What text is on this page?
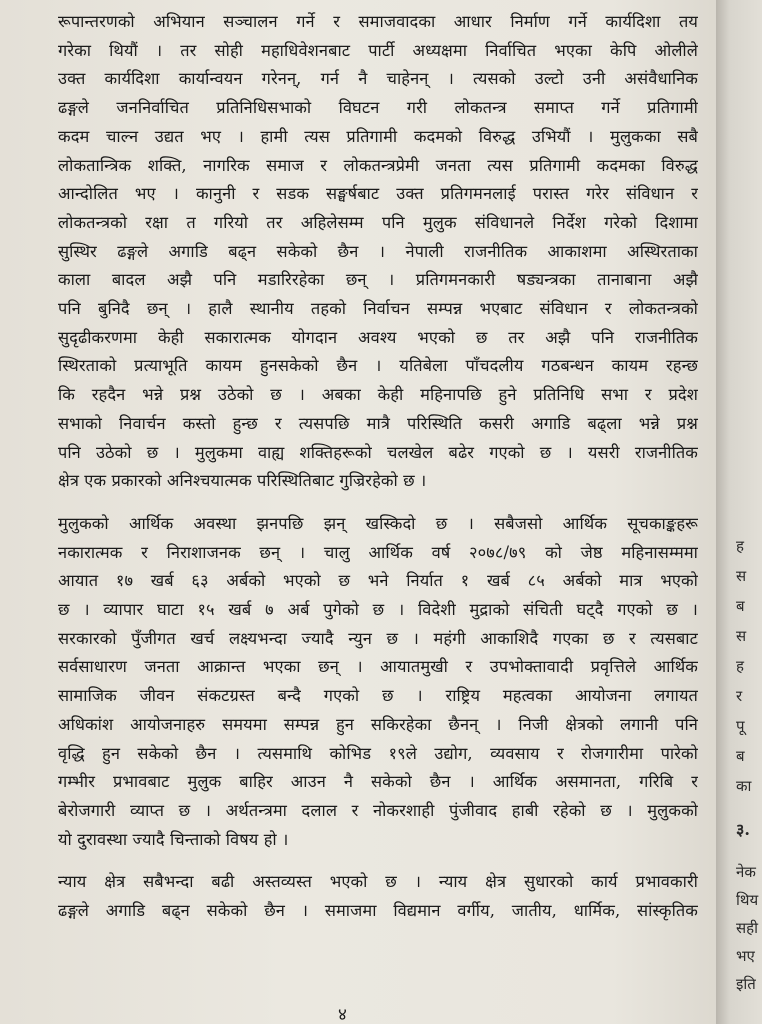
रूपान्तरणको अभियान सञ्चालन गर्ने र समाजवादका आधार निर्माण गर्ने कार्यदिशा तय
गरेका थियौं । तर सोही महाधिवेशनबाट पार्टी अध्यक्षमा निर्वाचित भएका केपि ओलीले
उक्त कार्यदिशा कार्यान्वयन गरेनन्, गर्न नै चाहेनन् । त्यसको उल्टो उनी असंवैधानिक
ढङ्गले जननिर्वाचित प्रतिनिधिसभाको विघटन गरी लोकतन्त्र समाप्त गर्ने प्रतिगामी
कदम चाल्न उद्यत भए । हामी त्यस प्रतिगामी कदमको विरुद्ध उभियौं । मुलुकका सबै
लोकतान्त्रिक शक्ति, नागरिक समाज र लोकतन्त्रप्रेमी जनता त्यस प्रतिगामी कदमका विरुद्ध
आन्दोलित भए । कानुनी र सडक सङ्घर्षबाट उक्त प्रतिगमनलाई परास्त गरेर संविधान र
लोकतन्त्रको रक्षा त गरियो तर अहिलेसम्म पनि मुलुक संविधानले निर्देश गरेको दिशामा
सुस्थिर ढङ्गले अगाडि बढ्न सकेको छैन । नेपाली राजनीतिक आकाशमा अस्थिरताका
काला बादल अझै पनि मडारिरहेका छन् । प्रतिगमनकारी षड्यन्त्रका तानाबाना अझै
पनि बुनिदै छन् । हालै स्थानीय तहको निर्वाचन सम्पन्न भएबाट संविधान र लोकतन्त्रको
सुदृढीकरणमा केही सकारात्मक योगदान अवश्य भएको छ तर अझै पनि राजनीतिक
स्थिरताको प्रत्याभूति कायम हुनसकेको छैन । यतिबेला पाँचदलीय गठबन्धन कायम रहन्छ
कि रहदैन भन्ने प्रश्न उठेको छ । अबका केही महिनापछि हुने प्रतिनिधि सभा र प्रदेश
सभाको निवार्चन कस्तो हुन्छ र त्यसपछि मात्रै परिस्थिति कसरी अगाडि बढ्ला भन्ने प्रश्न
पनि उठेको छ । मुलुकमा वाह्य शक्तिहरूको चलखेल बढेर गएको छ । यसरी राजनीतिक
क्षेत्र एक प्रकारको अनिश्चयात्मक परिस्थितिबाट गुज्रिरहेको छ ।
मुलुकको आर्थिक अवस्था झनपछि झन् खस्किदो छ । सबैजसो आर्थिक सूचकाङ्कहरू
नकारात्मक र निराशाजनक छन् । चालु आर्थिक वर्ष २०७८/७९ को जेष्ठ महिनासम्ममा
आयात १७ खर्ब ६३ अर्बको भएको छ भने निर्यात १ खर्ब ८५ अर्बको मात्र भएको
छ । व्यापार घाटा १५ खर्ब ७ अर्ब पुगेको छ । विदेशी मुद्राको संचिती घट्दै गएको छ ।
सरकारको पुँजीगत खर्च लक्ष्यभन्दा ज्यादै न्युन छ । महंगी आकाशिदै गएका छ र त्यसबाट
सर्वसाधारण जनता आक्रान्त भएका छन् । आयातमुखी र उपभोक्तावादी प्रवृत्तिले आर्थिक
सामाजिक जीवन संकटग्रस्त बन्दै गएको छ । राष्ट्रिय महत्वका आयोजना लगायत
अधिकांश आयोजनाहरु समयमा सम्पन्न हुन सकिरहेका छैनन् । निजी क्षेत्रको लगानी पनि
वृद्धि हुन सकेको छैन । त्यसमाथि कोभिड १९ले उद्योग, व्यवसाय र रोजगारीमा पारेको
गम्भीर प्रभावबाट मुलुक बाहिर आउन नै सकेको छैन । आर्थिक असमानता, गरिबि र
बेरोजगारी व्याप्त छ । अर्थतन्त्रमा दलाल र नोकरशाही पुंजीवाद हाबी रहेको छ । मुलुकको
यो दुरावस्था ज्यादै चिन्ताको विषय हो ।
न्याय क्षेत्र सबैभन्दा बढी अस्तव्यस्त भएको छ । न्याय क्षेत्र सुधारको कार्य प्रभावकारी
ढङ्गले अगाडि बढ्न सकेको छैन । समाजमा विद्यमान वर्गीय, जातीय, धार्मिक, सांस्कृतिक
४
ह
स
ब
स
ह
र
पू
ब
का
३.
नेक
थिय
सही
भए
इति
